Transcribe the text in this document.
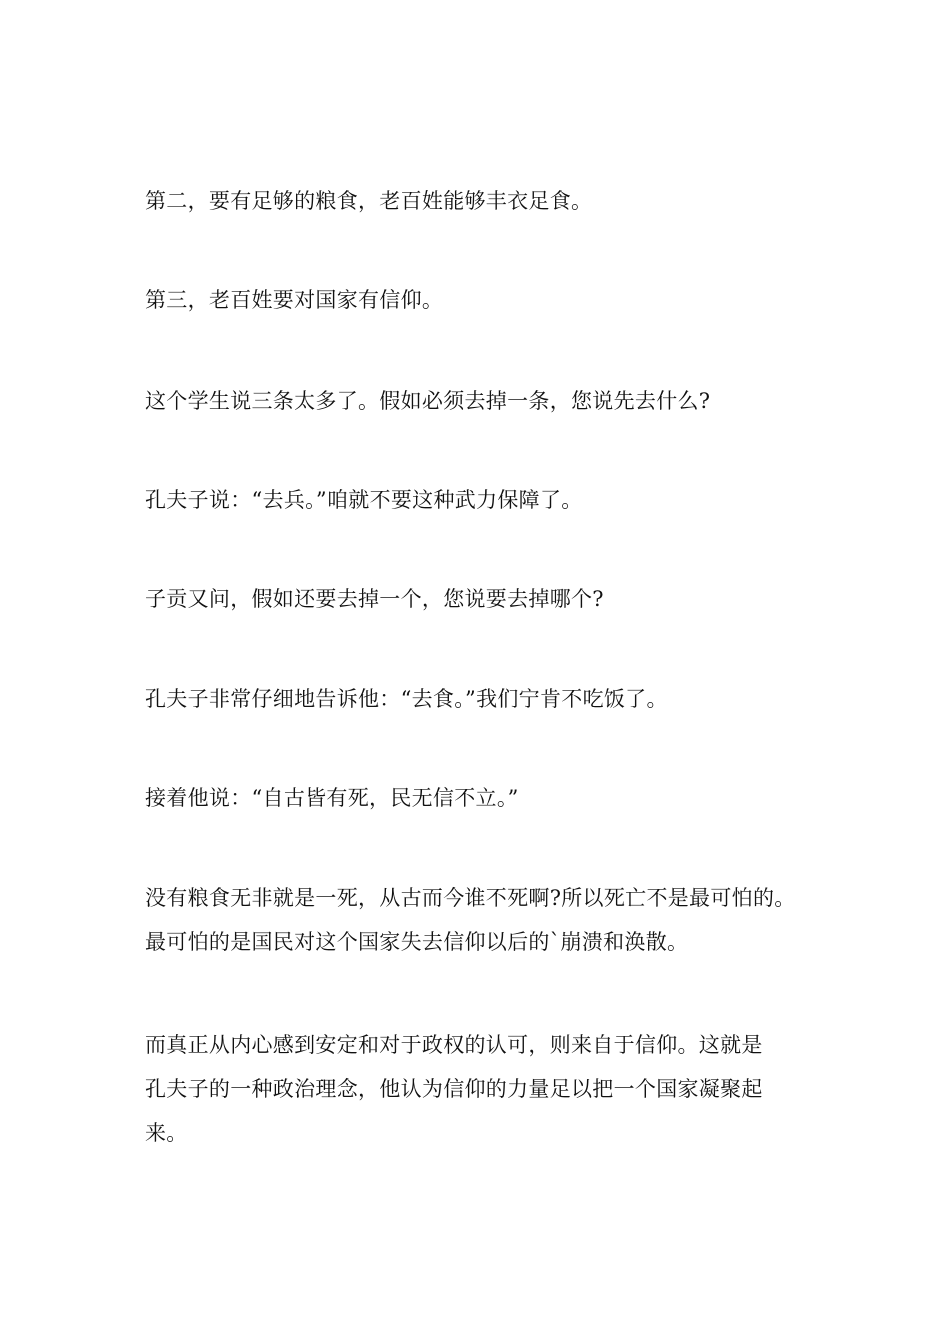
第二，要有足够的粮食，老百姓能够丰衣足食。

第三，老百姓要对国家有信仰。

这个学生说三条太多了。假如必须去掉一条，您说先去什么?

孔夫子说：“去兵。”咱就不要这种武力保障了。

子贡又问，假如还要去掉一个，您说要去掉哪个?

孔夫子非常仔细地告诉他：“去食。”我们宁肯不吃饭了。

接着他说：“自古皆有死，民无信不立。”

没有粮食无非就是一死，从古而今谁不死啊?所以死亡不是最可怕的。
最可怕的是国民对这个国家失去信仰以后的`崩溃和涣散。

而真正从内心感到安定和对于政权的认可，则来自于信仰。这就是
孔夫子的一种政治理念，他认为信仰的力量足以把一个国家凝聚起
来。
